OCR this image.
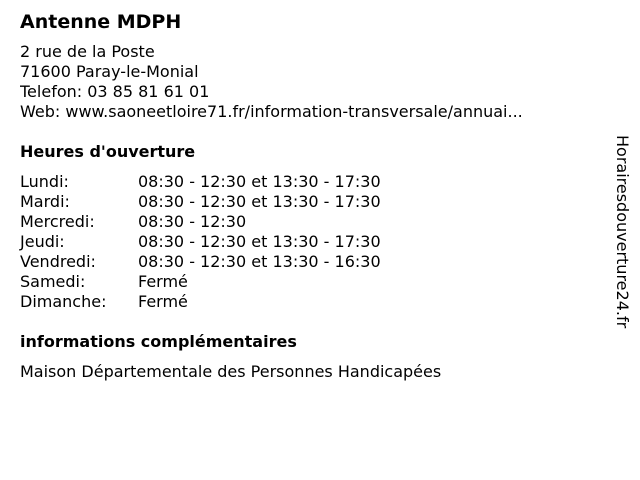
Antenne MDPH
2 rue de la Poste
71600 Paray-le-Monial
Telefon: 03 85 81 61 01
Web: www.saoneetloire71.fr/information-transversale/annuai...
Heures d'ouverture
Lundi:	08:30 - 12:30 et 13:30 - 17:30
Mardi:	08:30 - 12:30 et 13:30 - 17:30
Mercredi:	08:30 - 12:30
Jeudi:	08:30 - 12:30 et 13:30 - 17:30
Vendredi:	08:30 - 12:30 et 13:30 - 16:30
Samedi:	Fermé
Dimanche:	Fermé
informations complémentaires
Maison Départementale des Personnes Handicapées
Horairesdouverture24.fr
